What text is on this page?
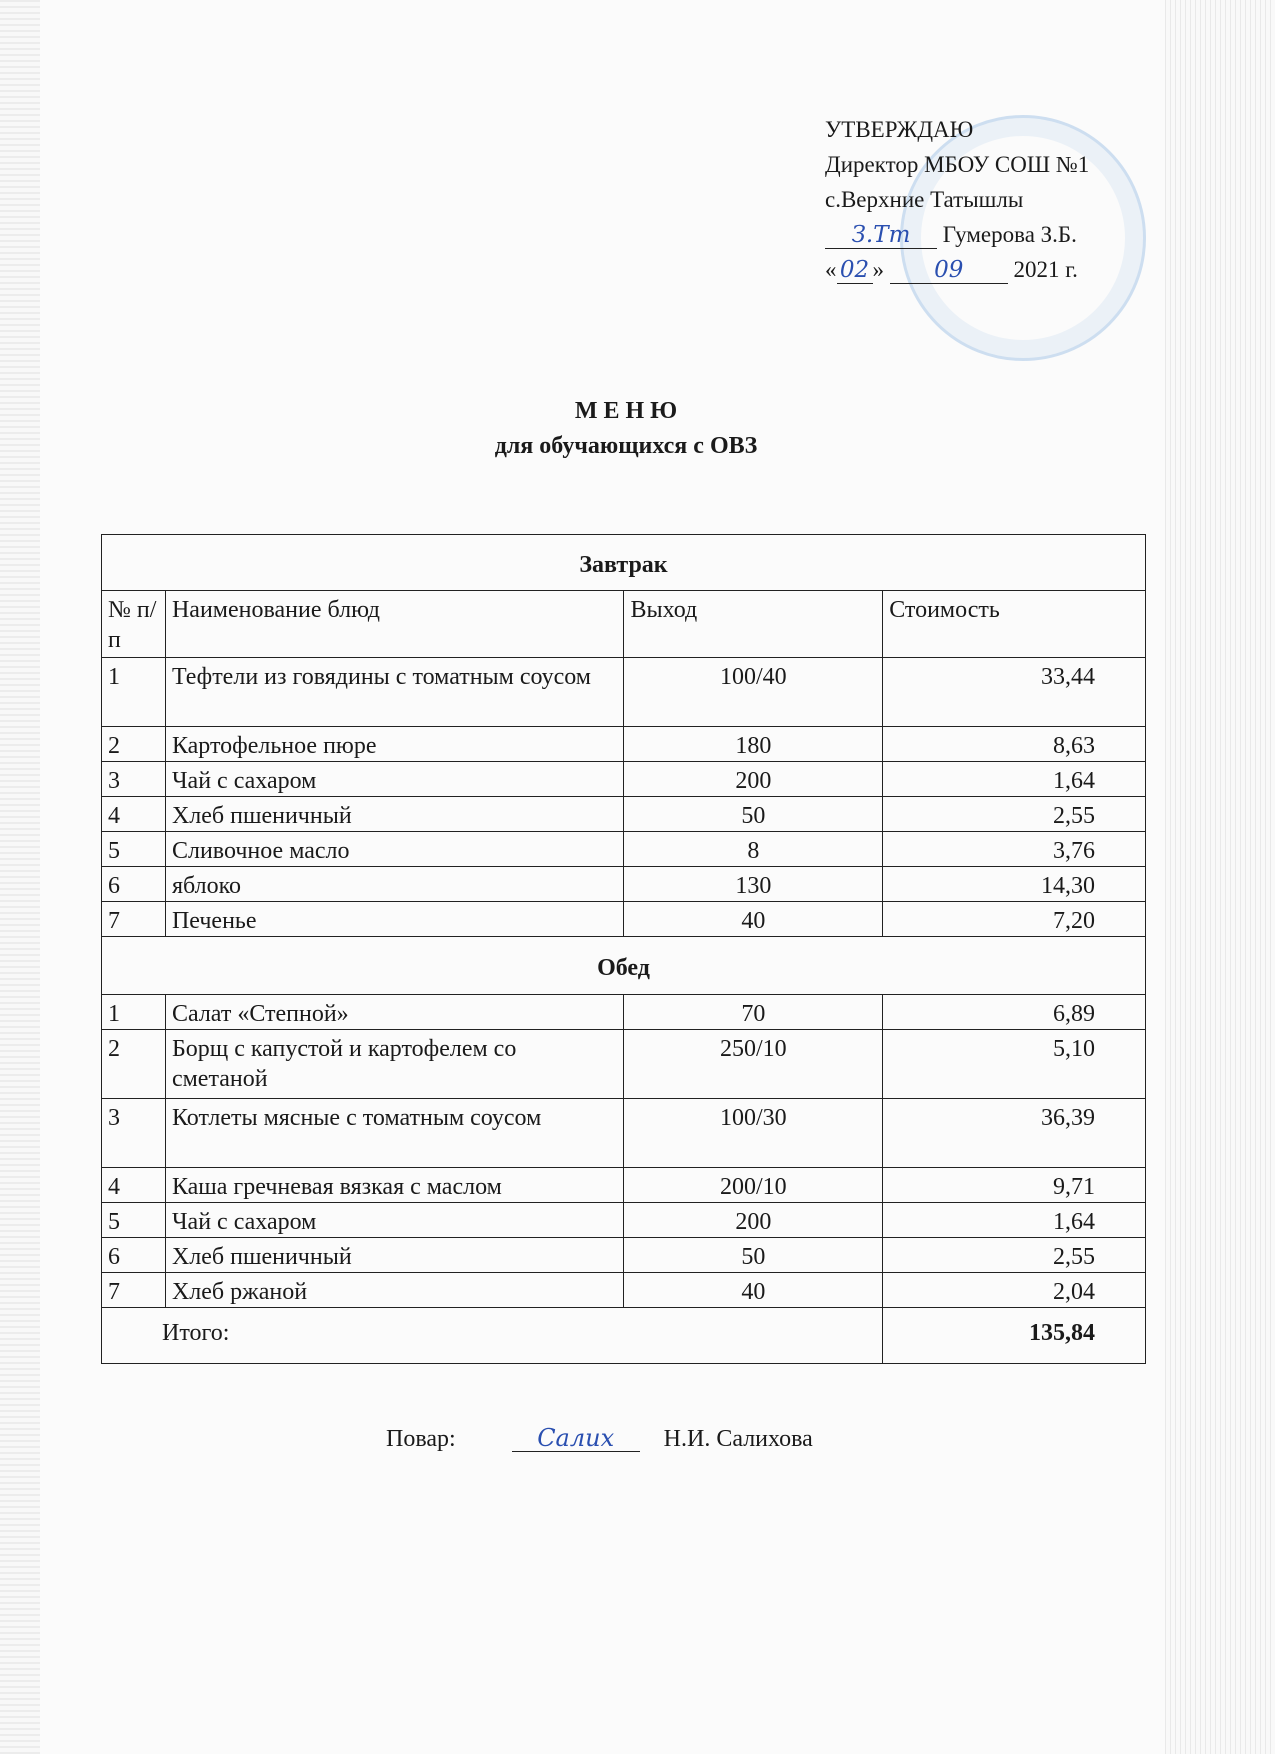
УТВЕРЖДАЮ
Директор МБОУ СОШ №1
с.Верхние Татышлы
З.Тт Гумерова З.Б.
« 02 » 09 2021 г.
М Е Н Ю
для обучающихся с ОВЗ
Завтрак			
№ п/п	Наименование блюд	Выход	Стоимость
1	Тефтели из говядины с томатным соусом	100/40	33,44
2	Картофельное пюре	180	8,63
3	Чай с сахаром	200	1,64
4	Хлеб пшеничный	50	2,55
5	Сливочное масло	8	3,76
6	яблоко	130	14,30
7	Печенье	40	7,20
Обед			
1	Салат «Степной»	70	6,89
2	Борщ с капустой и картофелем со сметаной	250/10	5,10
3	Котлеты мясные с томатным соусом	100/30	36,39
4	Каша гречневая вязкая с маслом	200/10	9,71
5	Чай с сахаром	200	1,64
6	Хлеб пшеничный	50	2,55
7	Хлеб ржаной	40	2,04
Итого:			135,84
Повар:	Салих Н.И. Салихова
